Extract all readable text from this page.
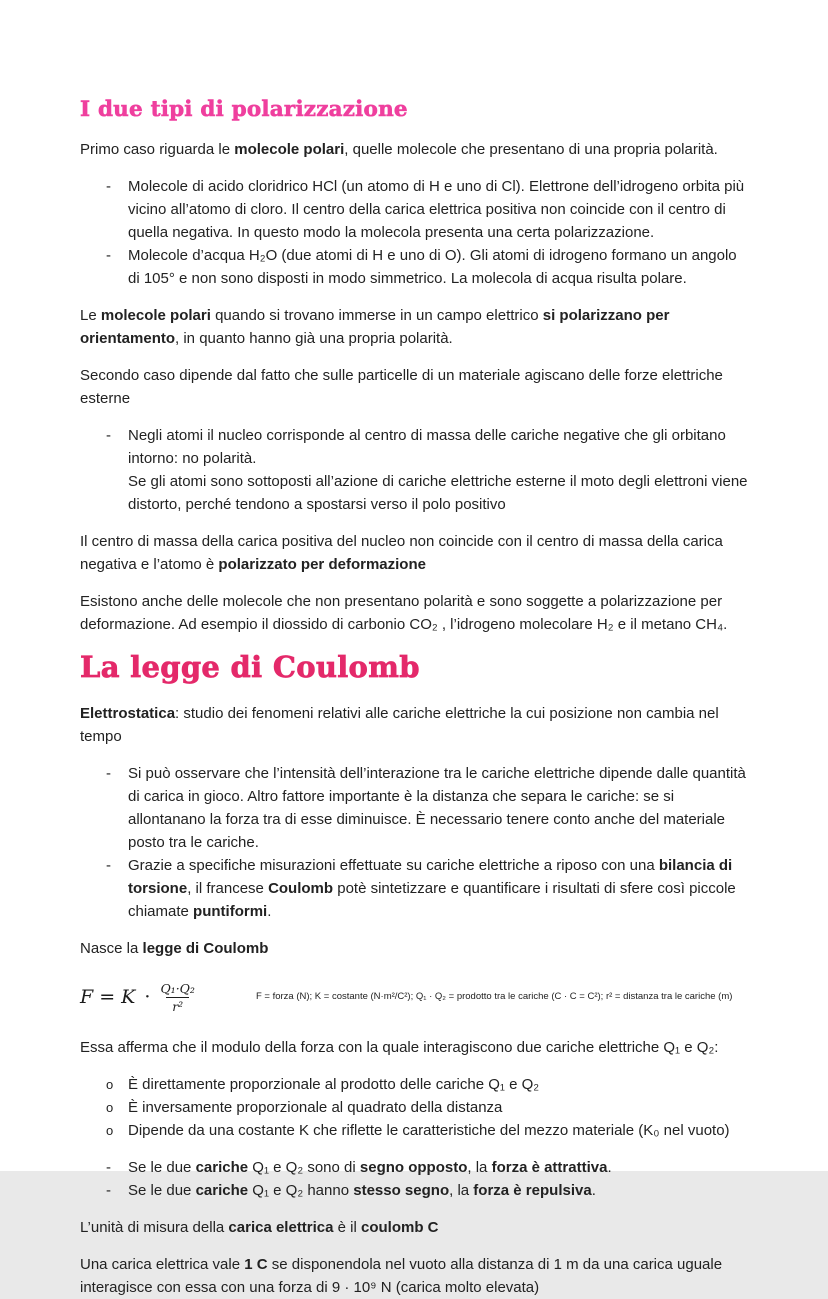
I due tipi di polarizzazione
Primo caso riguarda le molecole polari, quelle molecole che presentano di una propria polarità.
-	Molecole di acido cloridrico HCl (un atomo di H e uno di Cl). Elettrone dell’idrogeno orbita più vicino all’atomo di cloro. Il centro della carica elettrica positiva non coincide con il centro di quella negativa. In questo modo la molecola presenta una certa polarizzazione.
-	Molecole d’acqua H₂O (due atomi di H e uno di O). Gli atomi di idrogeno formano un angolo di 105° e non sono disposti in modo simmetrico. La molecola di acqua risulta polare.
Le molecole polari quando si trovano immerse in un campo elettrico si polarizzano per orientamento, in quanto hanno già una propria polarità.
Secondo caso dipende dal fatto che sulle particelle di un materiale agiscano delle forze elettriche esterne
-	Negli atomi il nucleo corrisponde al centro di massa delle cariche negative che gli orbitano intorno: no polarità.
Se gli atomi sono sottoposti all’azione di cariche elettriche esterne il moto degli elettroni viene distorto, perché tendono a spostarsi verso il polo positivo
Il centro di massa della carica positiva del nucleo non coincide con il centro di massa della carica negativa e l’atomo è polarizzato per deformazione
Esistono anche delle molecole che non presentano polarità e sono soggette a polarizzazione per deformazione. Ad esempio il diossido di carbonio CO₂ , l’idrogeno molecolare H₂ e il metano CH₄.
La legge di Coulomb
Elettrostatica: studio dei fenomeni relativi alle cariche elettriche la cui posizione non cambia nel tempo
-	Si può osservare che l’intensità dell’interazione tra le cariche elettriche dipende dalle quantità di carica in gioco. Altro fattore importante è la distanza che separa le cariche: se si allontanano la forza tra di esse diminuisce. È necessario tenere conto anche del materiale posto tra le cariche.
-	Grazie a specifiche misurazioni effettuate su cariche elettriche a riposo con una bilancia di torsione, il francese Coulomb potè sintetizzare e quantificare i risultati di sfere così piccole chiamate puntiformi.
Nasce la legge di Coulomb
$F = K \cdot \frac{\text{Q₁·Q₂}}{\text{r²}}$	F = forza (N); K = costante (N·m²/C²); Q₁ · Q₂ = prodotto tra le cariche (C · C = C²); r² = distanza tra le cariche (m)
Essa afferma che il modulo della forza con la quale interagiscono due cariche elettriche Q₁ e Q₂:
o È direttamente proporzionale al prodotto delle cariche Q₁ e Q₂
o È inversamente proporzionale al quadrato della distanza
o Dipende da una costante K che riflette le caratteristiche del mezzo materiale (K₀ nel vuoto)
-	Se le due cariche Q₁ e Q₂ sono di segno opposto, la forza è attrattiva.
-	Se le due cariche Q₁ e Q₂ hanno stesso segno, la forza è repulsiva.
L’unità di misura della carica elettrica è il coulomb C
Una carica elettrica vale 1 C se disponendola nel vuoto alla distanza di 1 m da una carica uguale interagisce con essa con una forza di 9 · 10⁹ N (carica molto elevata)
